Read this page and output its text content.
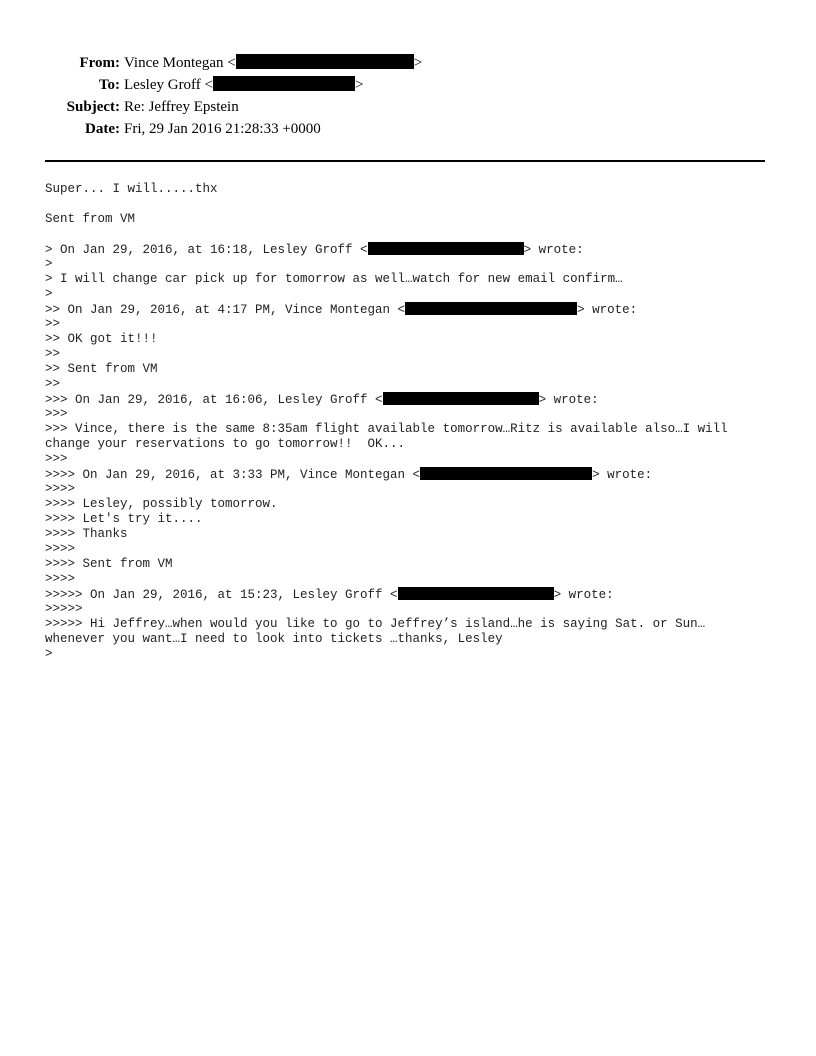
From: Vince Montegan <	>
To: Lesley Groff <	>
Subject: Re: Jeffrey Epstein
Date: Fri, 29 Jan 2016 21:28:33 +0000
Super... I will.....thx
Sent from VM
> On Jan 29, 2016, at 16:18, Lesley Groff <	> wrote:
>
> I will change car pick up for tomorrow as well…watch for new email confirm…
>
>> On Jan 29, 2016, at 4:17 PM, Vince Montegan <	> wrote:
>>
>> OK got it!!!
>>
>> Sent from VM
>>
>>> On Jan 29, 2016, at 16:06, Lesley Groff <	> wrote:
>>>
>>> Vince, there is the same 8:35am flight available tomorrow…Ritz is available also…I will
change your reservations to go tomorrow!!  OK...
>>>
>>>> On Jan 29, 2016, at 3:33 PM, Vince Montegan <	> wrote:
>>>>
>>>> Lesley, possibly tomorrow.
>>>> Let's try it....
>>>> Thanks
>>>>
>>>> Sent from VM
>>>>
>>>>> On Jan 29, 2016, at 15:23, Lesley Groff <	> wrote:
>>>>>
>>>>> Hi Jeffrey…when would you like to go to Jeffrey’s island…he is saying Sat. or Sun…
whenever you want…I need to look into tickets …thanks, Lesley
>
